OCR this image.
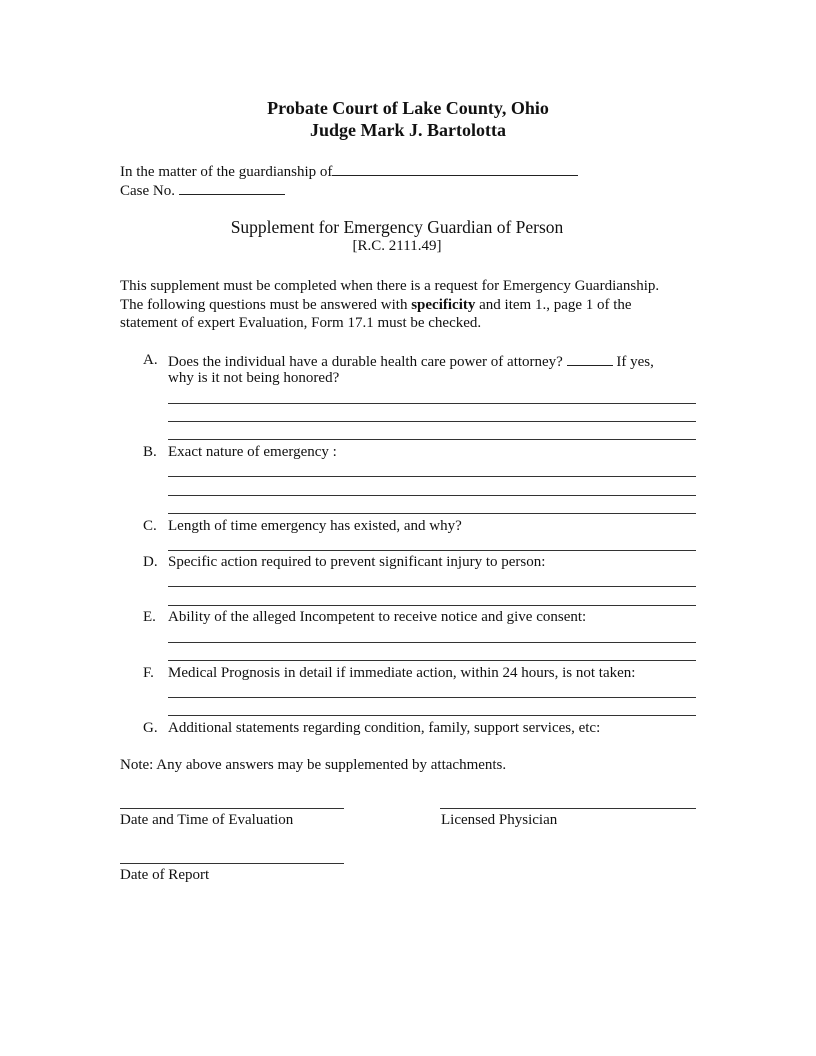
Probate Court of Lake County, Ohio
Judge Mark J. Bartolotta
In the matter of the guardianship of
Case No.
Supplement for Emergency Guardian of Person
[R.C. 2111.49]
This supplement must be completed when there is a request for Emergency Guardianship.
The following questions must be answered with specificity and item 1., page 1 of the
statement of expert Evaluation, Form 17.1 must be checked.
A. Does the individual have a durable health care power of attorney?	If yes,
why is it not being honored?
B. Exact nature of emergency :
C. Length of time emergency has existed, and why?
D. Specific action required to prevent significant injury to person:
E. Ability of the alleged Incompetent to receive notice and give consent:
F. Medical Prognosis in detail if immediate action, within 24 hours, is not taken:
G. Additional statements regarding condition, family, support services, etc:
Note: Any above answers may be supplemented by attachments.
Date and Time of Evaluation	Licensed Physician
Date of Report
